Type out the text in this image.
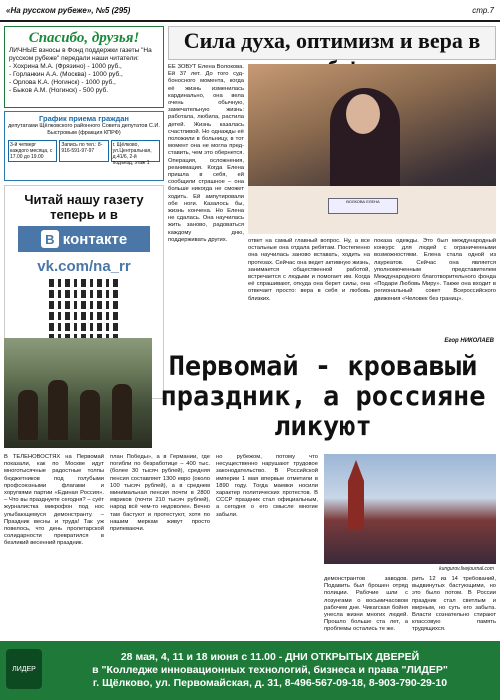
«На русском рубеже», №5 (295)	стр.7
Спасибо, друзья!
ЛИЧНЫЕ взносы в Фонд поддержки газеты "На русском рубеже" передали наши читатели:
- Хохрина М.А. (Фрязино) - 1000 руб.,
- Горланкин А.А. (Москва) - 1000 руб.,
- Орлова К.А. (Ногинск) - 1000 руб.,
- Быков А.М. (Ногинск) - 500 руб.
График приема граждан
депутатами Щёлковского районного Совета депутатов С.И. Быстровым (фракция КПРФ)
3-й четверг каждого месяца, с 17.00 до 19.00
Запись по тел.: 8-916-591-97-97
г. Щёлково, ул.Центральная, д.41/6, 2-й подъезд, этаж 1
Читай нашу газету теперь и в
B контакте
vk.com/na_rr
Сила духа, оптимизм и вера в
ЕЁ ЗОВУТ Елена Волокова. Ей 37 лет. До того судбоносного момента, когда её жизнь изменилась кардинально, она вела очень обычную, замечательную жизнь: работала, любила, растила детей. Жизнь казалась счастливой. Но однажды её положили в больницу, в тот момент она не могла представить, чем это обернется. Операция, осложнения, реанимация. Когда Елена пришла в себя, ей сообщили страшное – она больше никогда не сможет ходить. Ей ампутировали обе ноги. Казалось бы, жизнь кончена. Но Елена не сдалась. Она научилась жить заново, радоваться каждому дню, поддерживать других.
ВОЛКОВА ЕЛЕНА
ответ на самый главный вопрос. Ну, а все остальные она отдала ребятам. Постепенно она научилась заново вставать, ходить на протезах. Сейчас она ведет активную жизнь, занимается общественной работой, встречается с людьми и помогает им. Когда её спрашивают, откуда она берет силы, она отвечает просто: вера в себя и любовь близких.
показа одежды. Это был международный конкурс для людей с ограниченными возможностями. Елена стала одной из лауреатов. Сейчас она является уполномоченным представителем Международного благотворительного фонда «Подари Любовь Миру». Также она входит в региональный совет Всероссийского движения «Человек без границ».
Егор НИКОЛАЕВ
Первомай - кровавый праздник, а россияне ликуют
В ТЕЛЕНОВОСТЯХ на Первомай показали, как по Москве идут многотысячные радостные толпы бюджетников под голубыми профсоюзными флагами и хоругвями партии «Единая Россия». – Что вы празднуете сегодня? – суёт журналистка микрофон под нос улыбающемуся демонстранту. – Праздник весны и труда! Так уж повелось, что день пролетарской солидарности превратился в безликий весенний праздник.
план Победы», а в Германии, где погибли по безработице – 400 тыс. (более 30 тысяч рублей), средняя пенсия составляет 1300 евро (около 100 тысяч рублей), а в среднем минимальная пенсия почти в 2800 евриков (почти 210 тысяч рублей), народ всё чем-то недоволен. Вечно там бастуют и протестуют, хотя по нашим меркам живут просто припеваючи.
но рубежом, потому что несущественно нарушают трудовое законодательство. В Российской империи 1 мая впервые отметили в 1890 году. Тогда маевки носили характер политических протестов. В СССР праздник стал официальным, а сегодня о его смысле многие забыли.
kungurov.livejournal.com
демонстрантов заводов. Подавить был брошен отряд полиции. Рабочие шли с лозунгами о восьмичасовом рабочем дне. Чикагская бойня унесла жизни многих людей. Прошло больше ста лет, а проблемы остались те же.
рить 12 из 14 требований, выдвинутых бастующими, но это было потом. В России праздник стал светлым и мирным, но суть его забыта. Власти сознательно стирают классовую память трудящихся.
ЛИДЕР
28 мая, 4, 11 и 18 июня с 11.00 - ДНИ ОТКРЫТЫХ ДВЕРЕЙ
в "Колледже инновационных технологий, бизнеса и права "ЛИДЕР"
г. Щёлково, ул. Первомайская, д. 31, 8-496-567-09-18, 8-903-790-29-10
